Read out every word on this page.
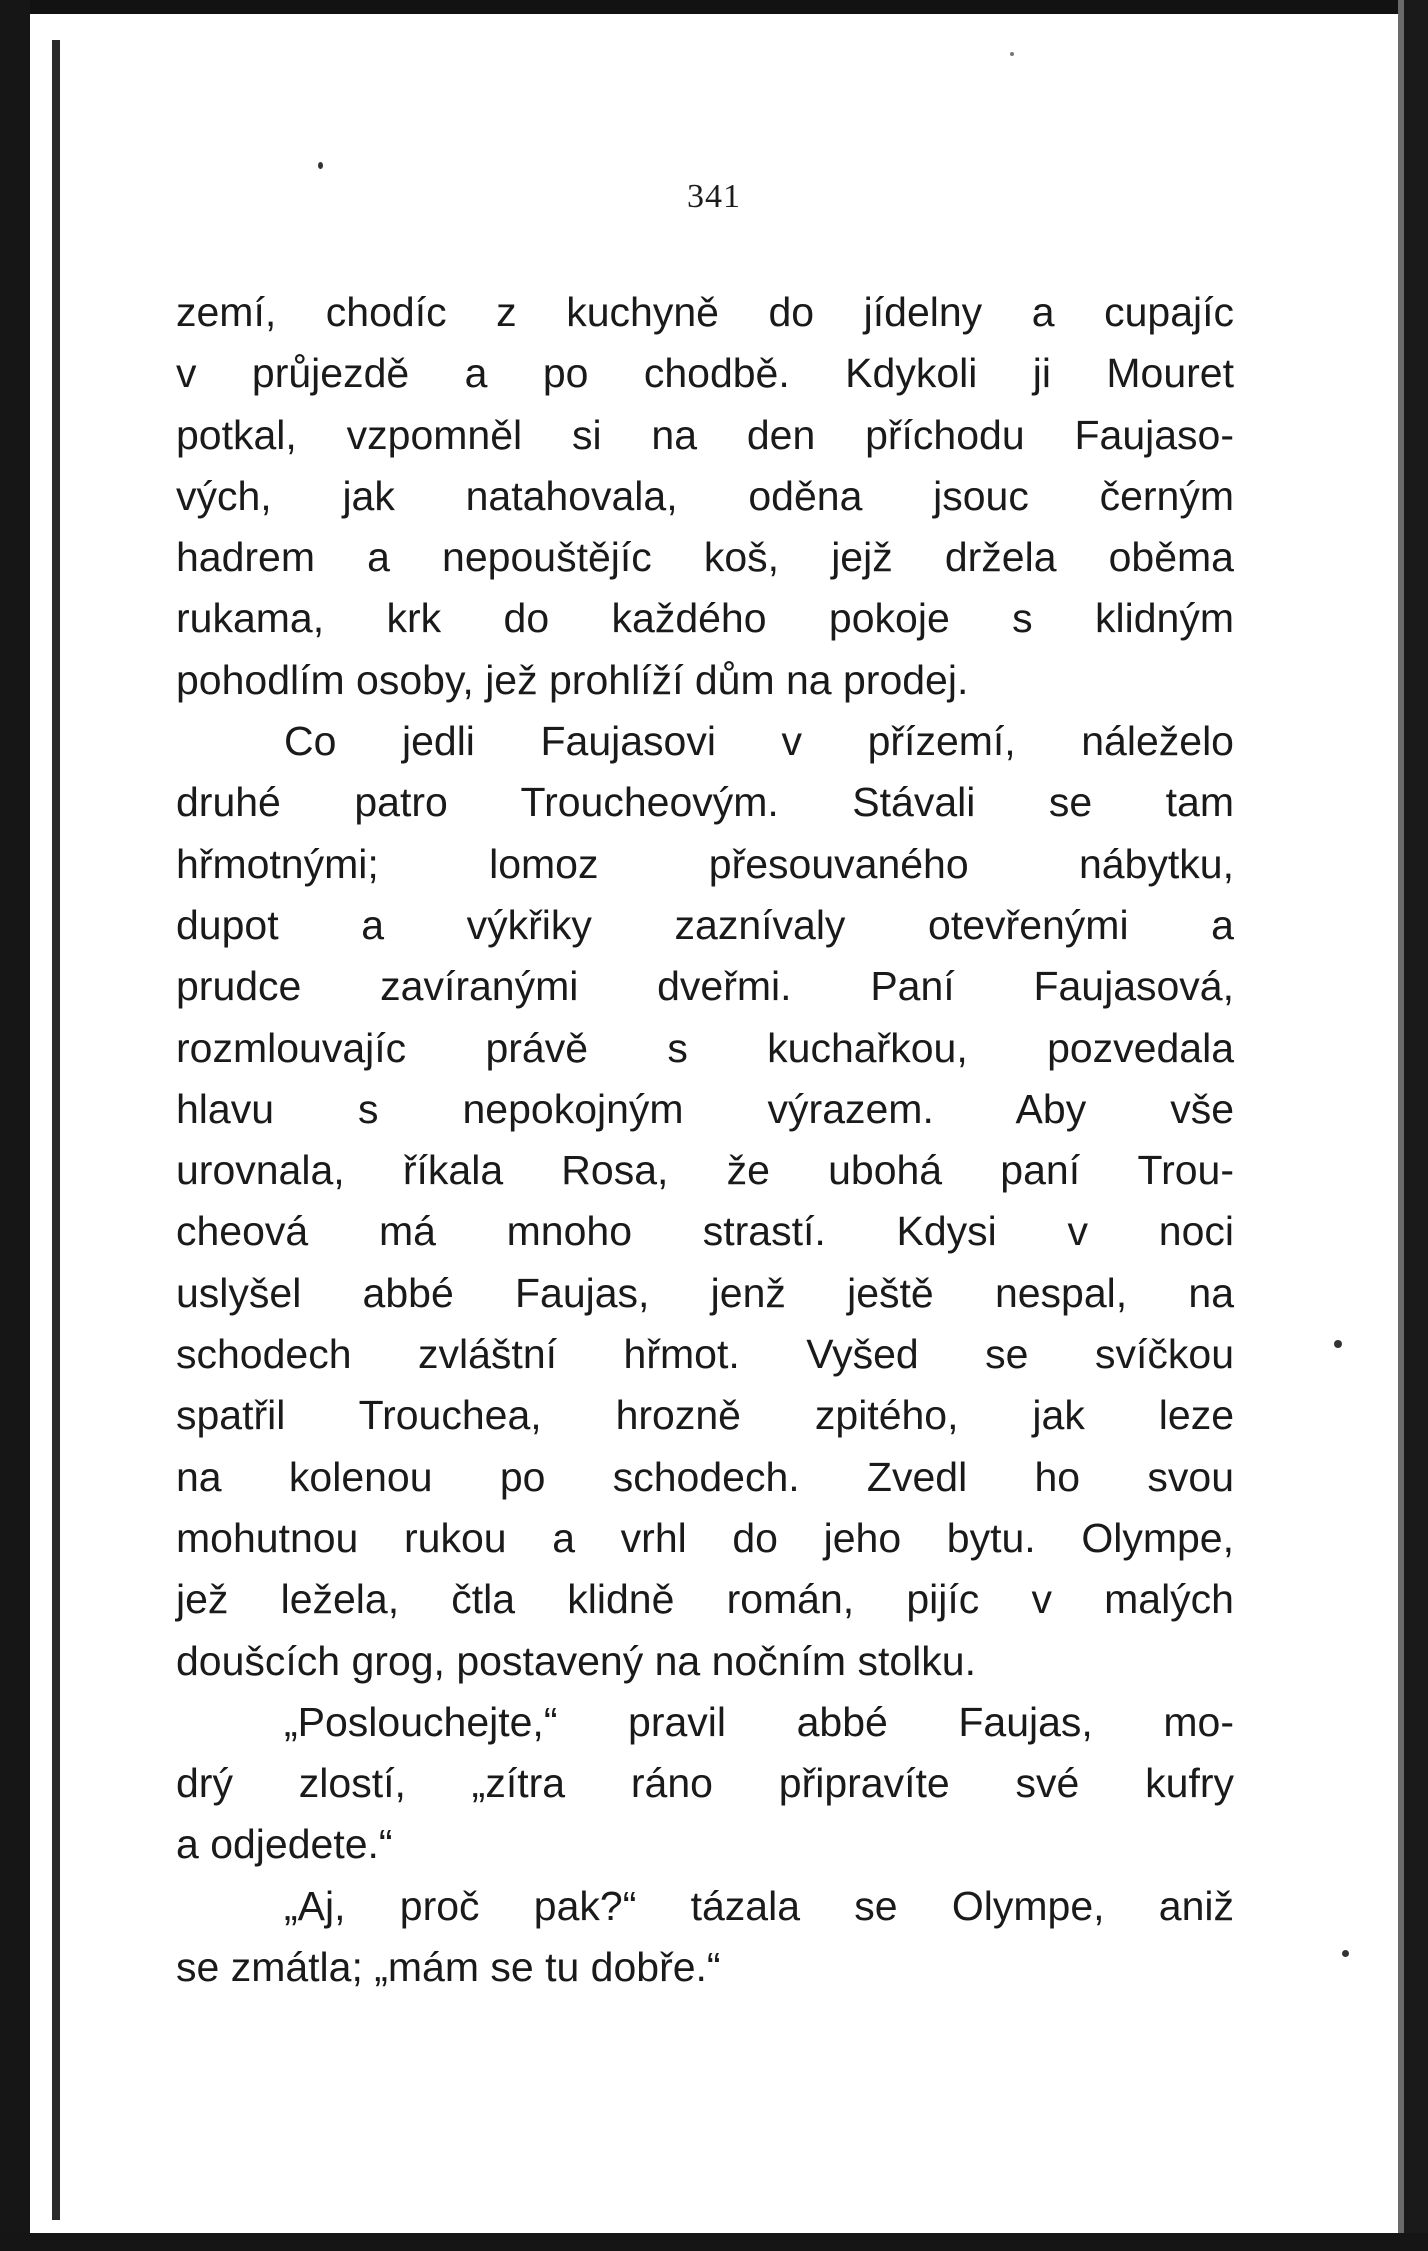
341
zemí, chodíc z kuchyně do jídelny a cupajíc
v průjezdě a po chodbě. Kdykoli ji Mouret
potkal, vzpomněl si na den příchodu Faujaso-
vých, jak natahovala, oděna jsouc černým
hadrem a nepouštějíc koš, jejž držela oběma
rukama, krk do každého pokoje s klidným
pohodlím osoby, jež prohlíží dům na prodej.
Co jedli Faujasovi v přízemí, náleželo
druhé patro Troucheovým. Stávali se tam
hřmotnými; lomoz přesouvaného nábytku,
dupot a výkřiky zaznívaly otevřenými a
prudce zavíranými dveřmi. Paní Faujasová,
rozmlouvajíc právě s kuchařkou, pozvedala
hlavu s nepokojným výrazem. Aby vše
urovnala, říkala Rosa, že ubohá paní Trou-
cheová má mnoho strastí. Kdysi v noci
uslyšel abbé Faujas, jenž ještě nespal, na
schodech zvláštní hřmot. Vyšed se svíčkou
spatřil Trouchea, hrozně zpitého, jak leze
na kolenou po schodech. Zvedl ho svou
mohutnou rukou a vrhl do jeho bytu. Olympe,
jež ležela, čtla klidně román, pijíc v malých
doušcích grog, postavený na nočním stolku.
„Poslouchejte,“ pravil abbé Faujas, mo-
drý zlostí, „zítra ráno připravíte své kufry
a odjedete.“
„Aj, proč pak?“ tázala se Olympe, aniž
se zmátla; „mám se tu dobře.“
